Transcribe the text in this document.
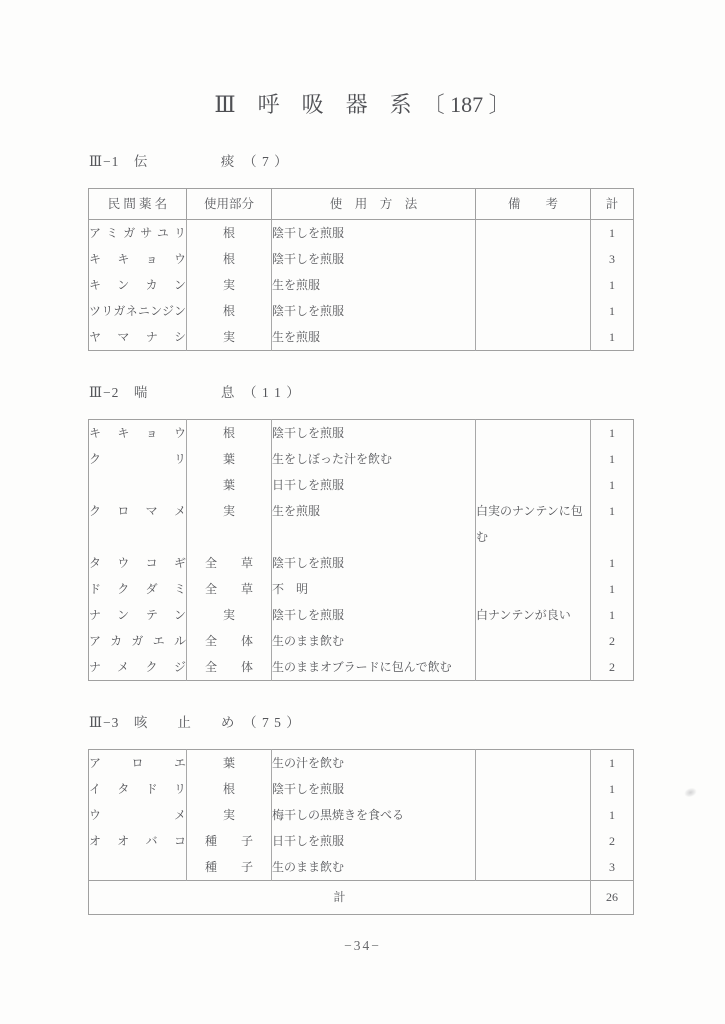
Ⅲ　呼　吸　器　系　〔 187 〕
Ⅲ−1　伝　　　　　痰　（ 7 ）
民 間 薬 名	使用部分	使　用　方　法	備　　考	計
アミガサユリ	根	陰干しを煎服		1
キキョウ	根	陰干しを煎服		3
キンカン	実	生を煎服		1
ツリガネニンジン	根	陰干しを煎服		1
ヤマナシ	実	生を煎服		1
Ⅲ−2　喘　　　　　息　（ 1 1 ）
キキョウ	根	陰干しを煎服		1
クリ	葉	生をしぼった汁を飲む		1
	葉	日干しを煎服		1
クロマメ	実	生を煎服	白実のナンテンに包む	1
タウコギ	全　　草	陰干しを煎服		1
ドクダミ	全　　草	不　明		1
ナンテン	実	陰干しを煎服	白ナンテンが良い	1
アカガエル	全　　体	生のまま飲む		2
ナメクジ	全　　体	生のままオブラードに包んで飲む		2
Ⅲ−3　咳　　止　　め　（ 7 5 ）
アロエ	葉	生の汁を飲む		1
イタドリ	根	陰干しを煎服		1
ウメ	実	梅干しの黒焼きを食べる		1
オオバコ	種　　子	日干しを煎服		2
	種　　子	生のまま飲む		3
計				26
−34−
